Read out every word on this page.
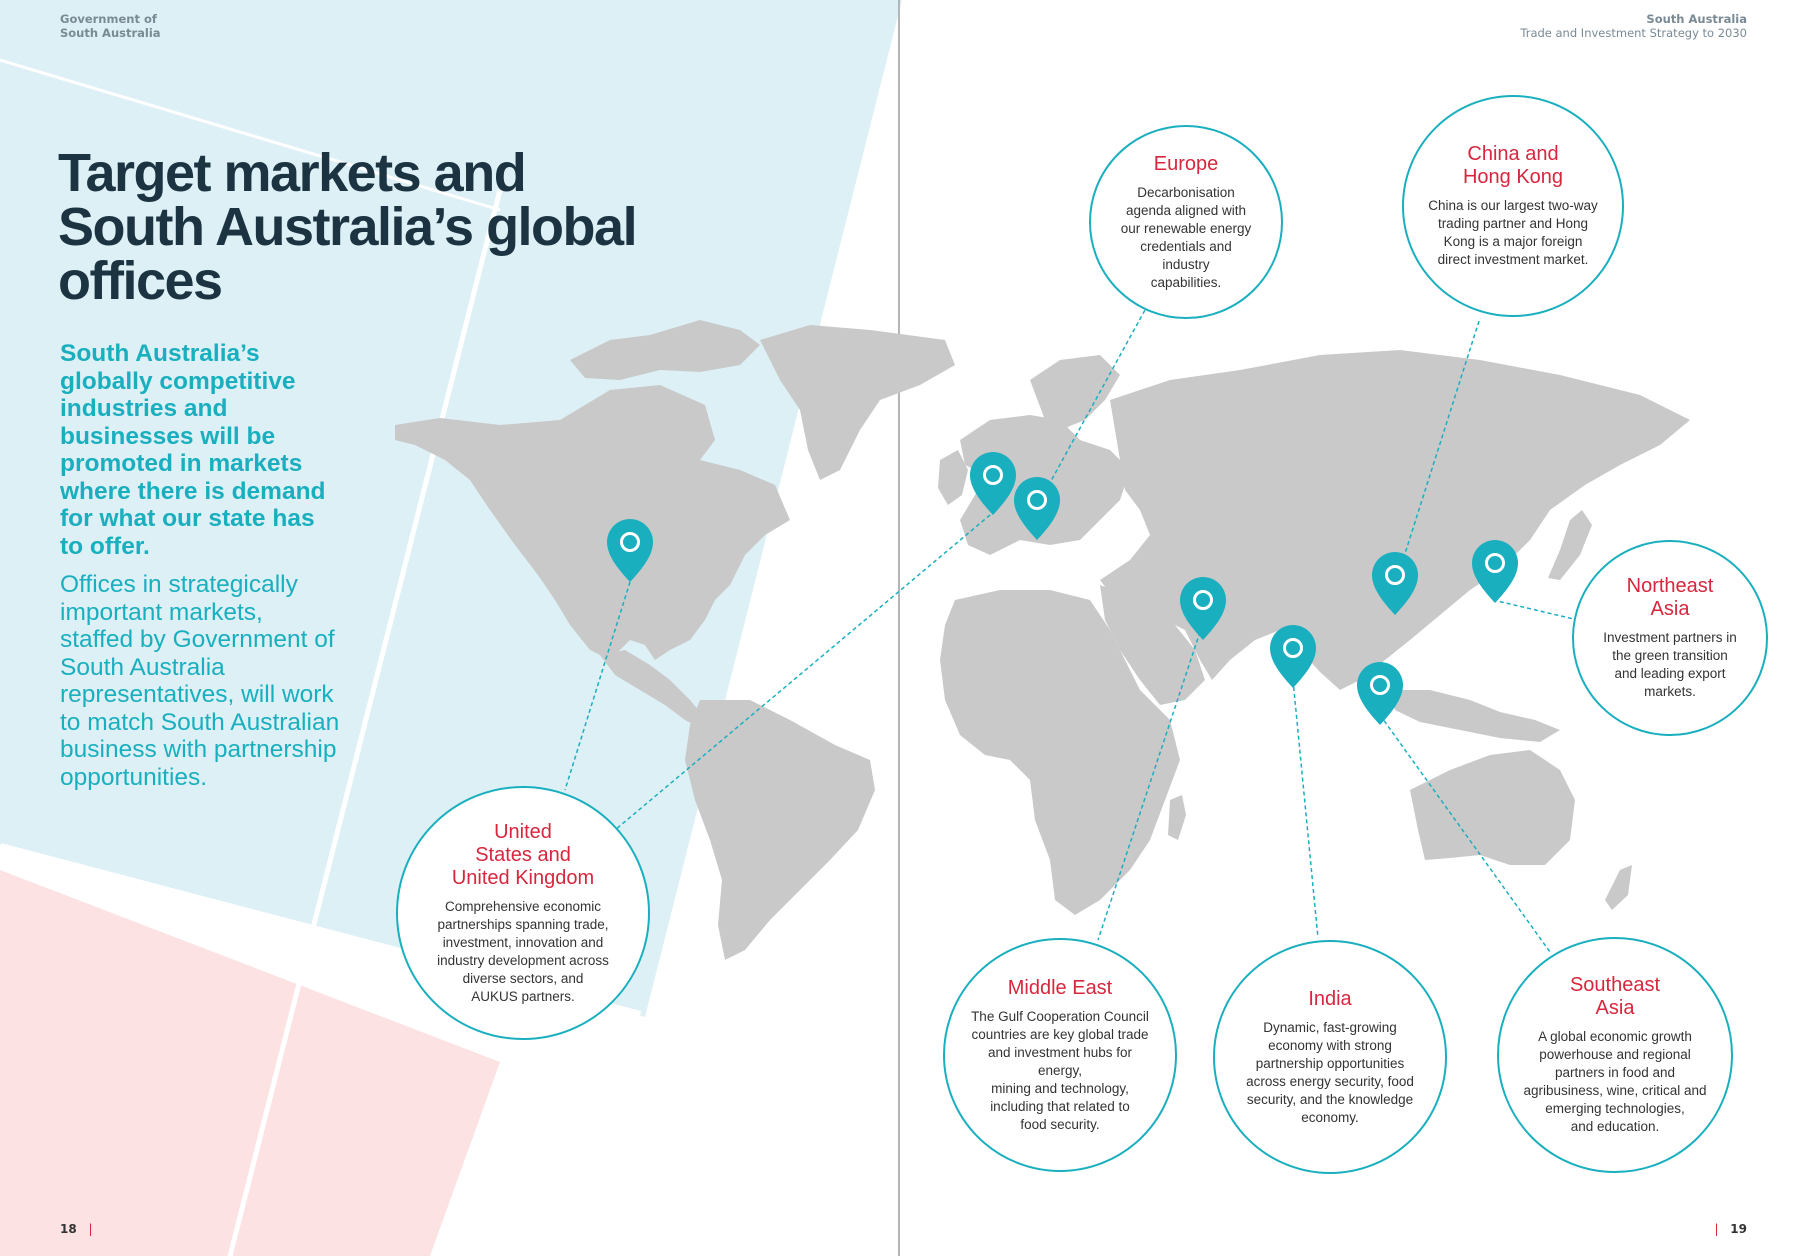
Government of
South Australia
South Australia
Trade and Investment Strategy to 2030
Target markets and South Australia’s global offices

South Australia’s globally competitive industries and businesses will be promoted in markets where there is demand for what our state has to offer.

Offices in strategically important markets, staffed by Government of South Australia representatives, will work to match South Australian business with partnership opportunities.

Europe
Decarbonisation
agenda aligned with
our renewable energy
credentials and industry
capabilities.
China and
Hong Kong
China is our largest two-way
trading partner and Hong
Kong is a major foreign
direct investment market.
Northeast
Asia
Investment partners in
the green transition
and leading export
markets.
United
States and
United Kingdom
Comprehensive economic
partnerships spanning trade,
investment, innovation and
industry development across
diverse sectors, and
AUKUS partners.	Middle East
The Gulf Cooperation Council
countries are key global trade
and investment hubs for energy,
mining and technology,
including that related to
food security.
India
Dynamic, fast-growing
economy with strong
partnership opportunities
across energy security, food
security, and the knowledge
economy.
Southeast
Asia
A global economic growth
powerhouse and regional
partners in food and
agribusiness, wine, critical and
emerging technologies,
and education.
18   |	|   19
